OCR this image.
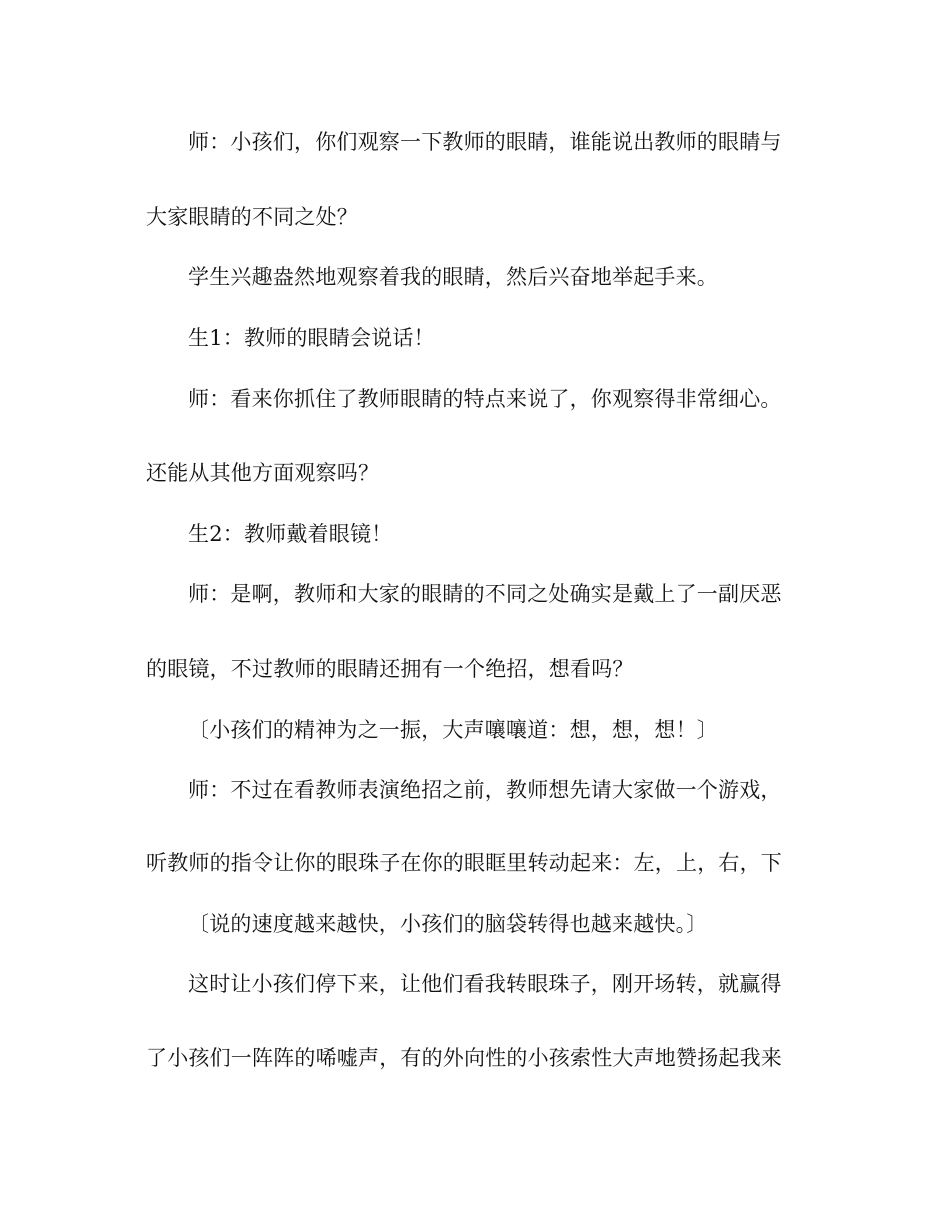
师：小孩们，你们观察一下教师的眼睛，谁能说出教师的眼睛与
大家眼睛的不同之处？
学生兴趣盎然地观察着我的眼睛，然后兴奋地举起手来。
生1：教师的眼睛会说话！
师：看来你抓住了教师眼睛的特点来说了，你观察得非常细心。
还能从其他方面观察吗？
生2：教师戴着眼镜！
师：是啊，教师和大家的眼睛的不同之处确实是戴上了一副厌恶
的眼镜，不过教师的眼睛还拥有一个绝招，想看吗？
〔小孩们的精神为之一振，大声嚷嚷道：想，想，想！〕
师：不过在看教师表演绝招之前，教师想先请大家做一个游戏，
听教师的指令让你的眼珠子在你的眼眶里转动起来：左，上，右，下
〔说的速度越来越快，小孩们的脑袋转得也越来越快。〕
这时让小孩们停下来，让他们看我转眼珠子，刚开场转，就赢得
了小孩们一阵阵的唏嘘声，有的外向性的小孩索性大声地赞扬起我来
